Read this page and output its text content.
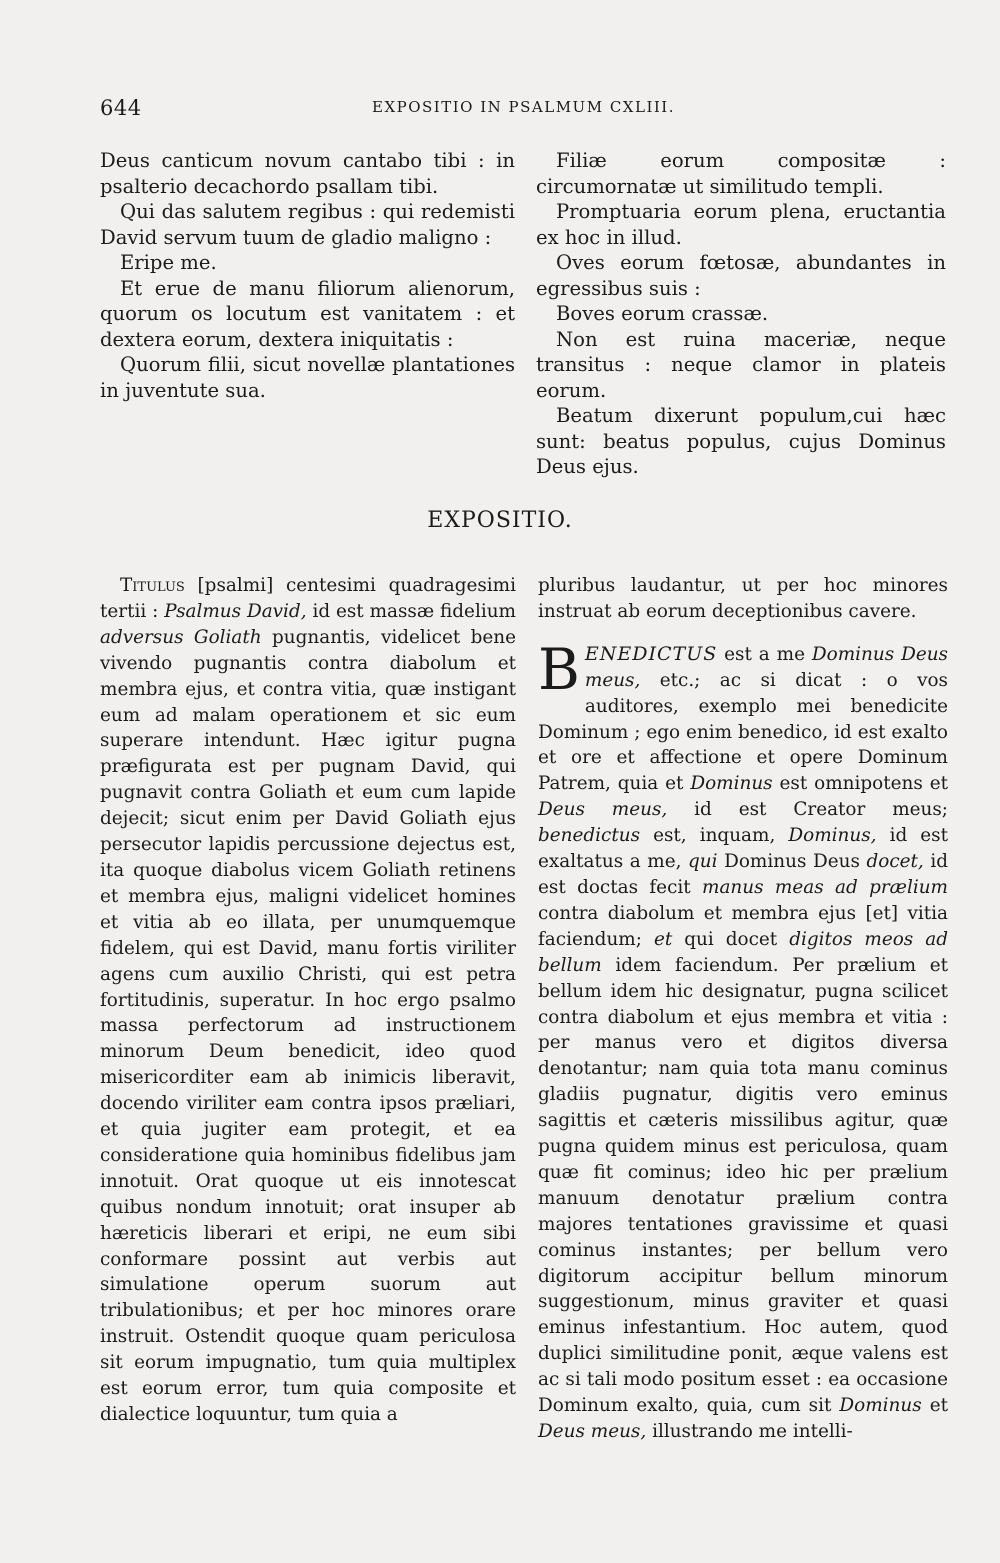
644	EXPOSITIO IN PSALMUM CXLIII.

Deus canticum novum cantabo tibi : in psalterio decachordo psallam tibi.

Qui das salutem regibus : qui redemisti David servum tuum de gladio maligno :

Eripe me.

Et erue de manu filiorum alienorum, quorum os locutum est vanitatem : et dextera eorum, dextera iniquitatis :

Quorum filii, sicut novellæ plantationes in juventute sua.

Filiæ eorum compositæ : circumornatæ ut similitudo templi.

Promptuaria eorum plena, eructantia ex hoc in illud.

Oves eorum fœtosæ, abundantes in egressibus suis :

Boves eorum crassæ.

Non est ruina maceriæ, neque transitus : neque clamor in plateis eorum.

Beatum dixerunt populum,cui hæc sunt: beatus populus, cujus Dominus Deus ejus.

EXPOSITIO.

Titulus [psalmi] centesimi quadragesimi tertii : Psalmus David, id est massæ fidelium adversus Goliath pugnantis, videlicet bene vivendo pugnantis contra diabolum et membra ejus, et contra vitia, quæ instigant eum ad malam operationem et sic eum superare intendunt. Hæc igitur pugna præfigurata est per pugnam David, qui pugnavit contra Goliath et eum cum lapide dejecit; sicut enim per David Goliath ejus persecutor lapidis percussione dejectus est, ita quoque diabolus vicem Goliath retinens et membra ejus, maligni videlicet homines et vitia ab eo illata, per unumquemque fidelem, qui est David, manu fortis viriliter agens cum auxilio Christi, qui est petra fortitudinis, superatur. In hoc ergo psalmo massa perfectorum ad instructionem minorum Deum benedicit, ideo quod misericorditer eam ab inimicis liberavit, docendo viriliter eam contra ipsos præliari, et quia jugiter eam protegit, et ea consideratione quia hominibus fidelibus jam innotuit. Orat quoque ut eis innotescat quibus nondum innotuit; orat insuper ab hæreticis liberari et eripi, ne eum sibi conformare possint aut verbis aut simulatione operum suorum aut tribulationibus; et per hoc minores orare instruit. Ostendit quoque quam periculosa sit eorum impugnatio, tum quia multiplex est eorum error, tum quia composite et dialectice loquuntur, tum quia a

pluribus laudantur, ut per hoc minores instruat ab eorum deceptionibus cavere.

BENEDICTUS est a me Dominus Deus meus, etc.; ac si dicat : o vos auditores, exemplo mei benedicite Dominum ; ego enim benedico, id est exalto et ore et affectione et opere Dominum Patrem, quia et Dominus est omnipotens et Deus meus, id est Creator meus; benedictus est, inquam, Dominus, id est exaltatus a me, qui Dominus Deus docet, id est doctas fecit manus meas ad prælium contra diabolum et membra ejus [et] vitia faciendum; et qui docet digitos meos ad bellum idem faciendum. Per prælium et bellum idem hic designatur, pugna scilicet contra diabolum et ejus membra et vitia : per manus vero et digitos diversa denotantur; nam quia tota manu cominus gladiis pugnatur, digitis vero eminus sagittis et cæteris missilibus agitur, quæ pugna quidem minus est periculosa, quam quæ fit cominus; ideo hic per prælium manuum denotatur prælium contra majores tentationes gravissime et quasi cominus instantes; per bellum vero digitorum accipitur bellum minorum suggestionum, minus graviter et quasi eminus infestantium. Hoc autem, quod duplici similitudine ponit, æque valens est ac si tali modo positum esset : ea occasione Dominum exalto, quia, cum sit Dominus et Deus meus, illustrando me intelli-
